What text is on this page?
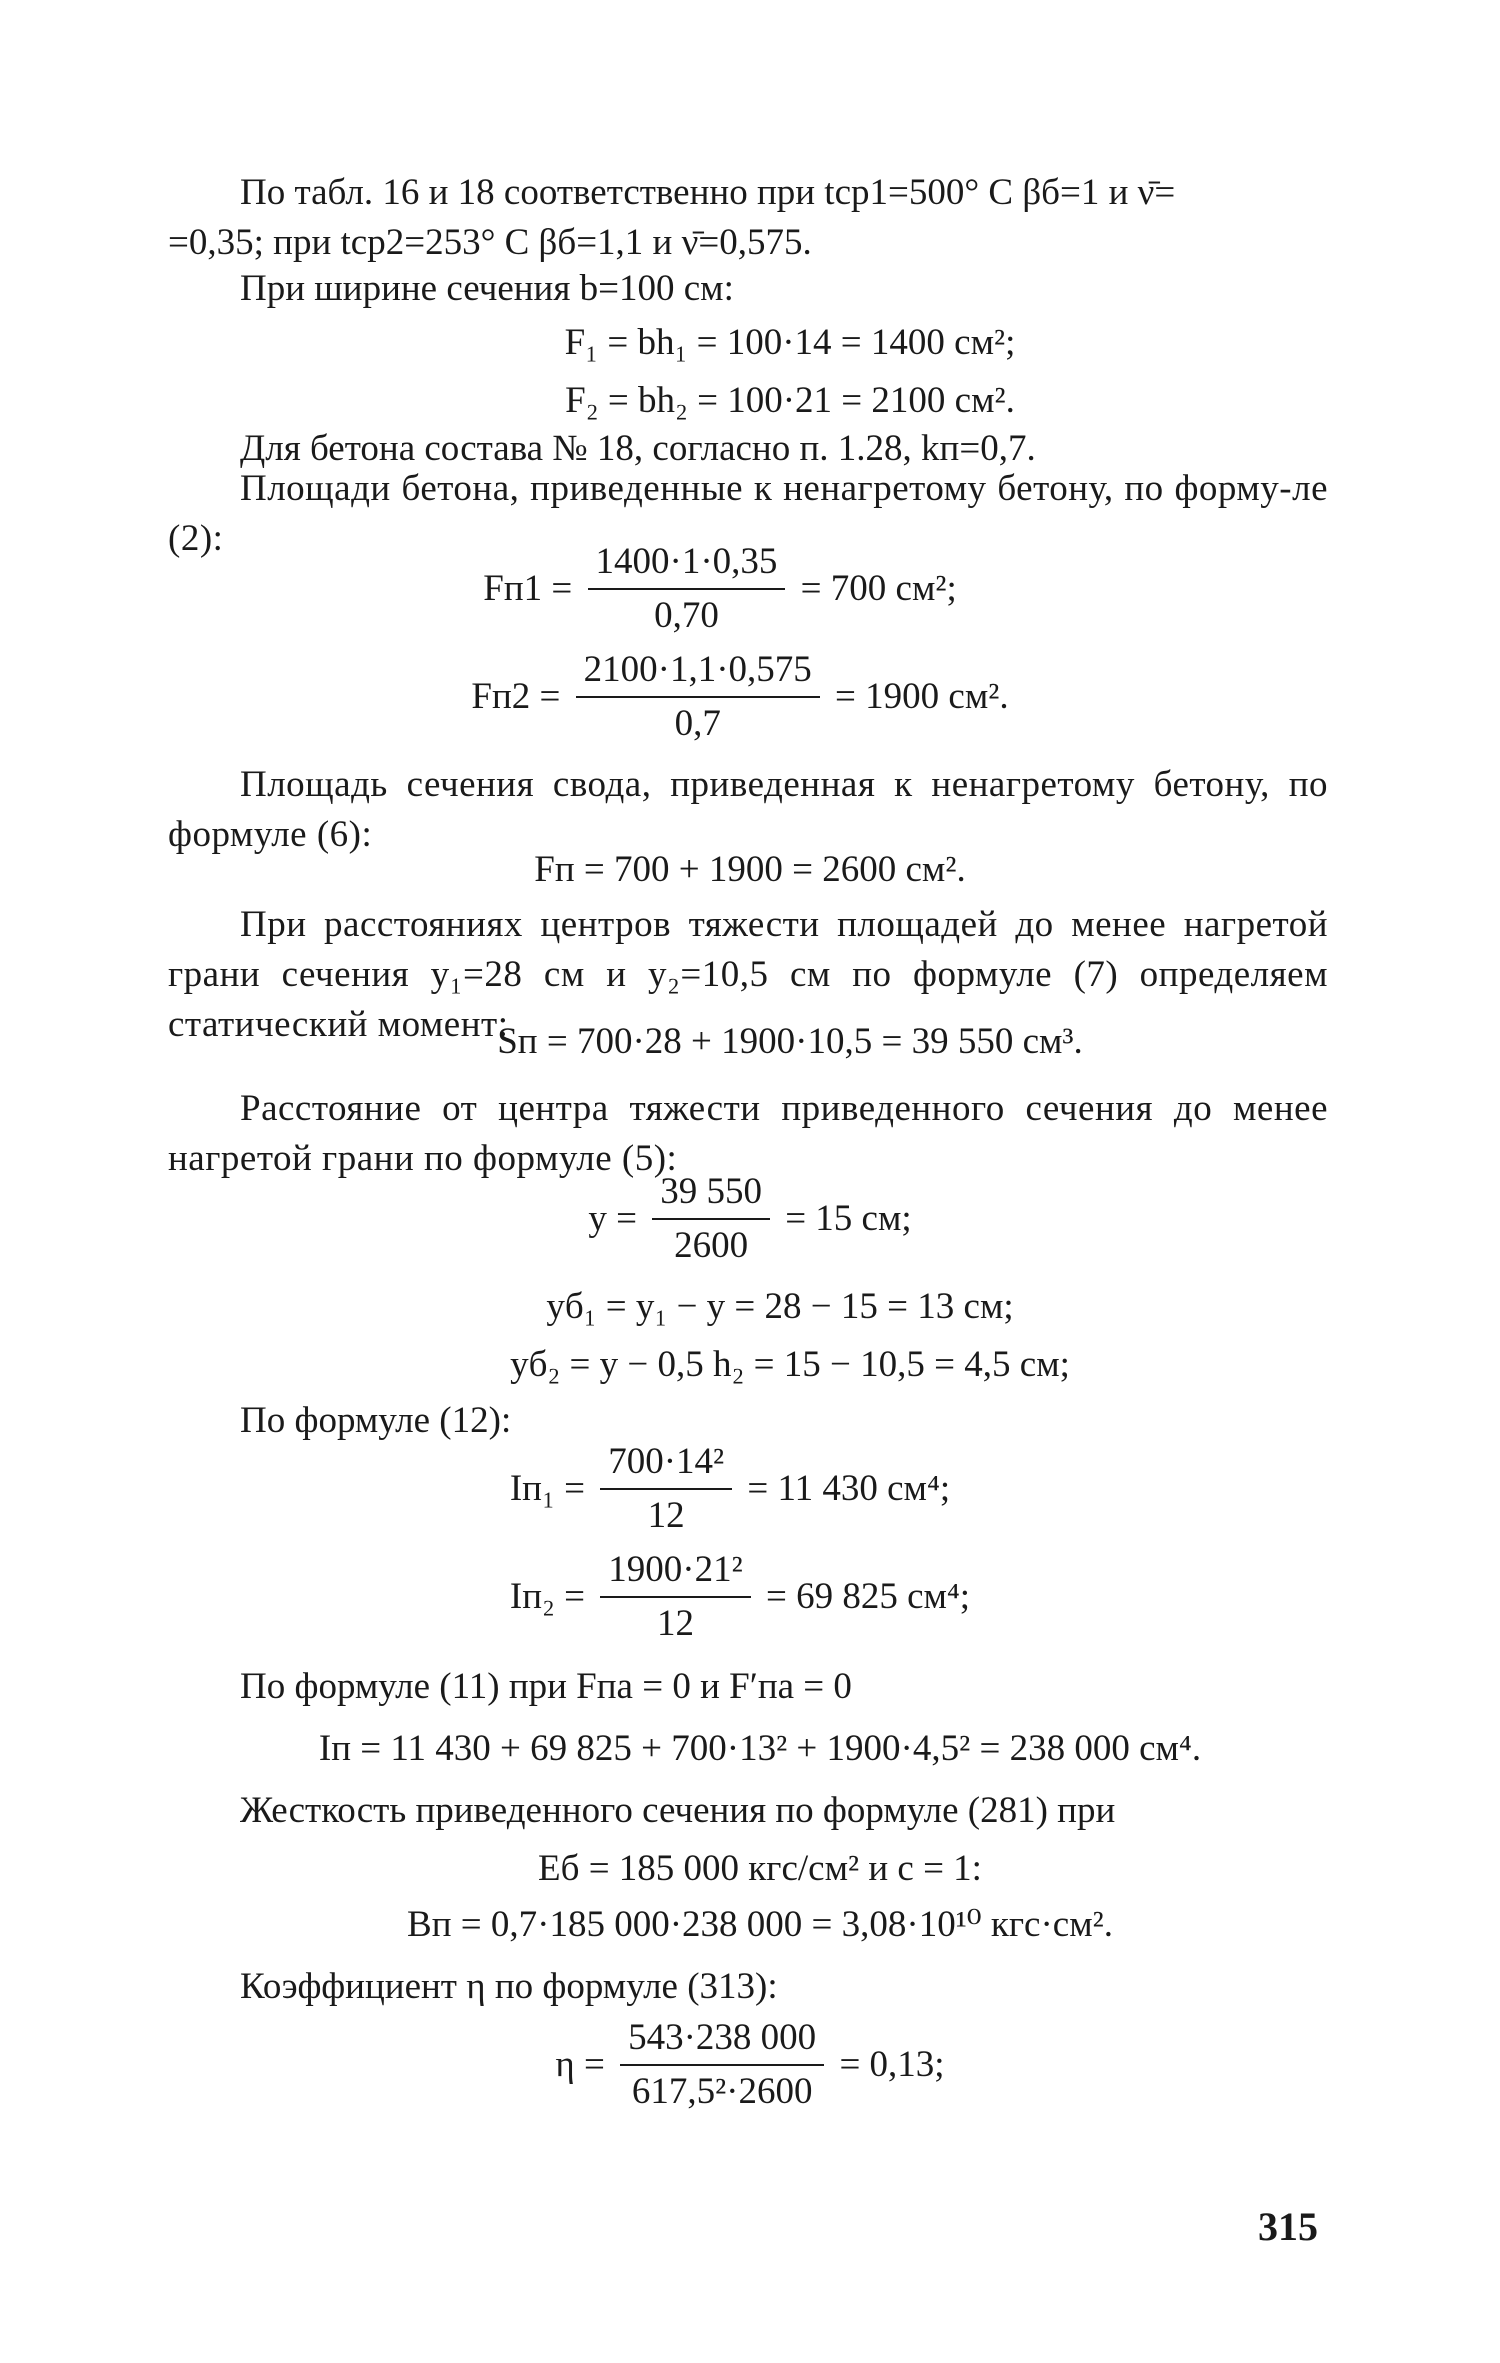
По табл. 16 и 18 соответственно при tcp1=500° C βб=1 и ν̄=
=0,35; при tcp2=253° C βб=1,1 и ν̄=0,575.
При ширине сечения b=100 см:
F₁ = bh₁ = 100·14 = 1400 см²;
F₂ = bh₂ = 100·21 = 2100 см².
Для бетона состава № 18, согласно п. 1.28, kп=0,7.
Площади бетона, приведенные к ненагретому бетону, по форму-ле (2):
$Fп1 = \frac{1400\cdot 1\cdot 0,35}{0,70} = 700$ см²;
$Fп2 = \frac{2100\cdot 1,1\cdot 0,575}{0,7} = 1900$ см².
Площадь сечения свода, приведенная к ненагретому бетону, по формуле (6):
Fп = 700 + 1900 = 2600 см².
При расстояниях центров тяжести площадей до менее нагретой грани сечения y₁=28 см и y₂=10,5 см по формуле (7) определяем статический момент:
Sп = 700·28 + 1900·10,5 = 39 550 см³.
Расстояние от центра тяжести приведенного сечения до менее нагретой грани по формуле (5):
$y = \frac{39 550}{2600} = 15$ см;
yб₁ = y₁ − y = 28 − 15 = 13 см;
yб₂ = y − 0,5 h₂ = 15 − 10,5 = 4,5 см;
По формуле (12):
$Iп_1 = \frac{\text{700·14²}}{12} = 11$ 430 см⁴;
$Iп_2 = \frac{\text{1900·21²}}{12} = 69$ 825 см⁴;
По формуле (11) при Fпа = 0 и F′па = 0
Iп = 11 430 + 69 825 + 700·13² + 1900·4,5² = 238 000 см⁴.
Жесткость приведенного сечения по формуле (281) при
Eб = 185 000 кгс/см² и c = 1:
Bп = 0,7·185 000·238 000 = 3,08·10¹⁰ кгс·см².
Коэффициент η по формуле (313):
$\eta = \frac{543\cdot 238 000}{\text{617,5²·2600}} = 0,13$;
315
